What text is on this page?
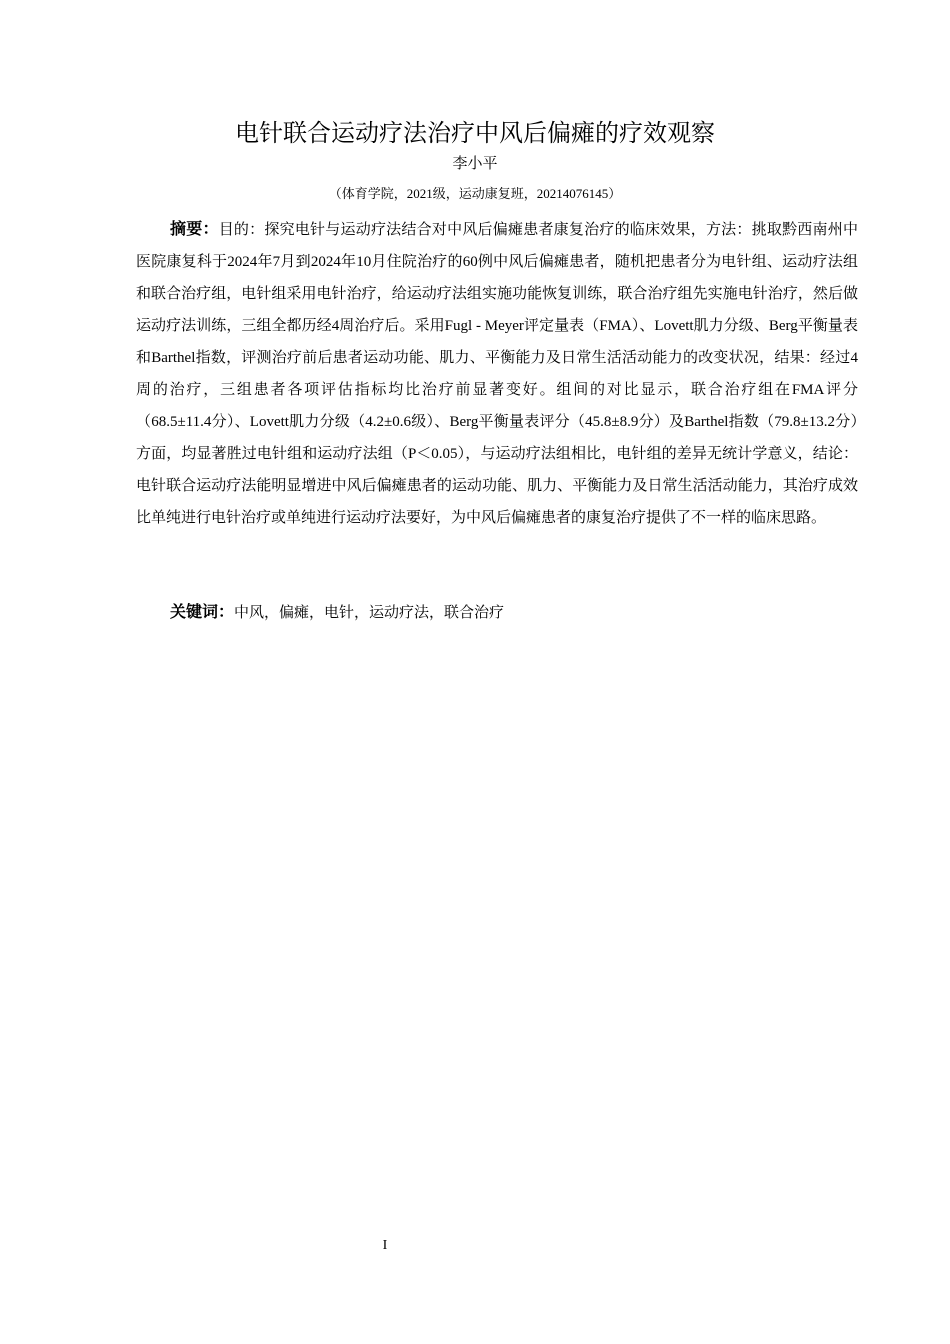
电针联合运动疗法治疗中风后偏瘫的疗效观察
李小平
（体育学院，2021级，运动康复班，20214076145）

摘要：目的：探究电针与运动疗法结合对中风后偏瘫患者康复治疗的临床效果，方法：挑取黔西南州中医院康复科于2024年7月到2024年10月住院治疗的60例中风后偏瘫患者，随机把患者分为电针组、运动疗法组和联合治疗组，电针组采用电针治疗，给运动疗法组实施功能恢复训练，联合治疗组先实施电针治疗，然后做运动疗法训练，三组全都历经4周治疗后。采用Fugl - Meyer评定量表（FMA）、Lovett肌力分级、Berg平衡量表和Barthel指数，评测治疗前后患者运动功能、肌力、平衡能力及日常生活活动能力的改变状况，结果：经过4周的治疗，三组患者各项评估指标均比治疗前显著变好。组间的对比显示，联合治疗组在FMA评分（68.5±11.4分）、Lovett肌力分级（4.2±0.6级）、Berg平衡量表评分（45.8±8.9分）及Barthel指数（79.8±13.2分）方面，均显著胜过电针组和运动疗法组（P＜0.05），与运动疗法组相比，电针组的差异无统计学意义，结论：电针联合运动疗法能明显增进中风后偏瘫患者的运动功能、肌力、平衡能力及日常生活活动能力，其治疗成效比单纯进行电针治疗或单纯进行运动疗法要好，为中风后偏瘫患者的康复治疗提供了不一样的临床思路。

关键词：中风，偏瘫，电针，运动疗法，联合治疗

I
